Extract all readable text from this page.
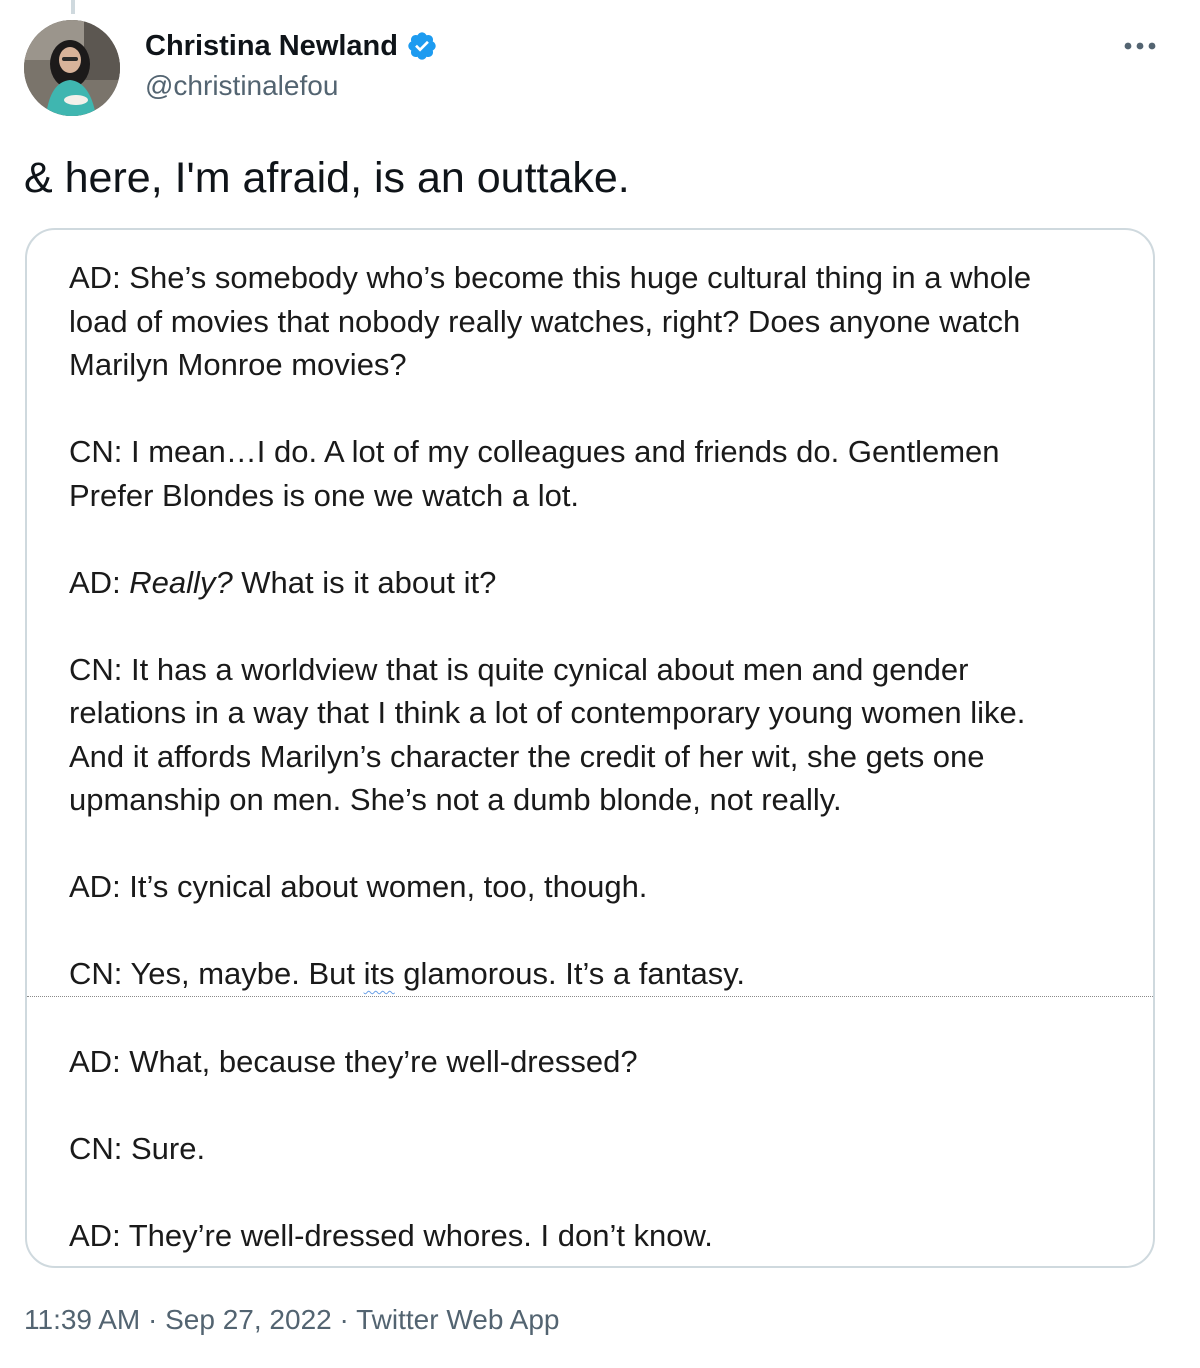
Christina Newland
@christinalefou
& here, I'm afraid, is an outtake.

AD: She’s somebody who’s become this huge cultural thing in a whole
load of movies that nobody really watches, right? Does anyone watch
Marilyn Monroe movies?

CN: I mean…I do. A lot of my colleagues and friends do. Gentlemen
Prefer Blondes is one we watch a lot.

AD: Really? What is it about it?

CN: It has a worldview that is quite cynical about men and gender
relations in a way that I think a lot of contemporary young women like.
And it affords Marilyn’s character the credit of her wit, she gets one
upmanship on men. She’s not a dumb blonde, not really.

AD: It’s cynical about women, too, though.

CN: Yes, maybe. But its glamorous. It’s a fantasy.

AD: What, because they’re well-dressed?

CN: Sure.

AD: They’re well-dressed whores. I don’t know.

11:39 AM · Sep 27, 2022 · Twitter Web App
